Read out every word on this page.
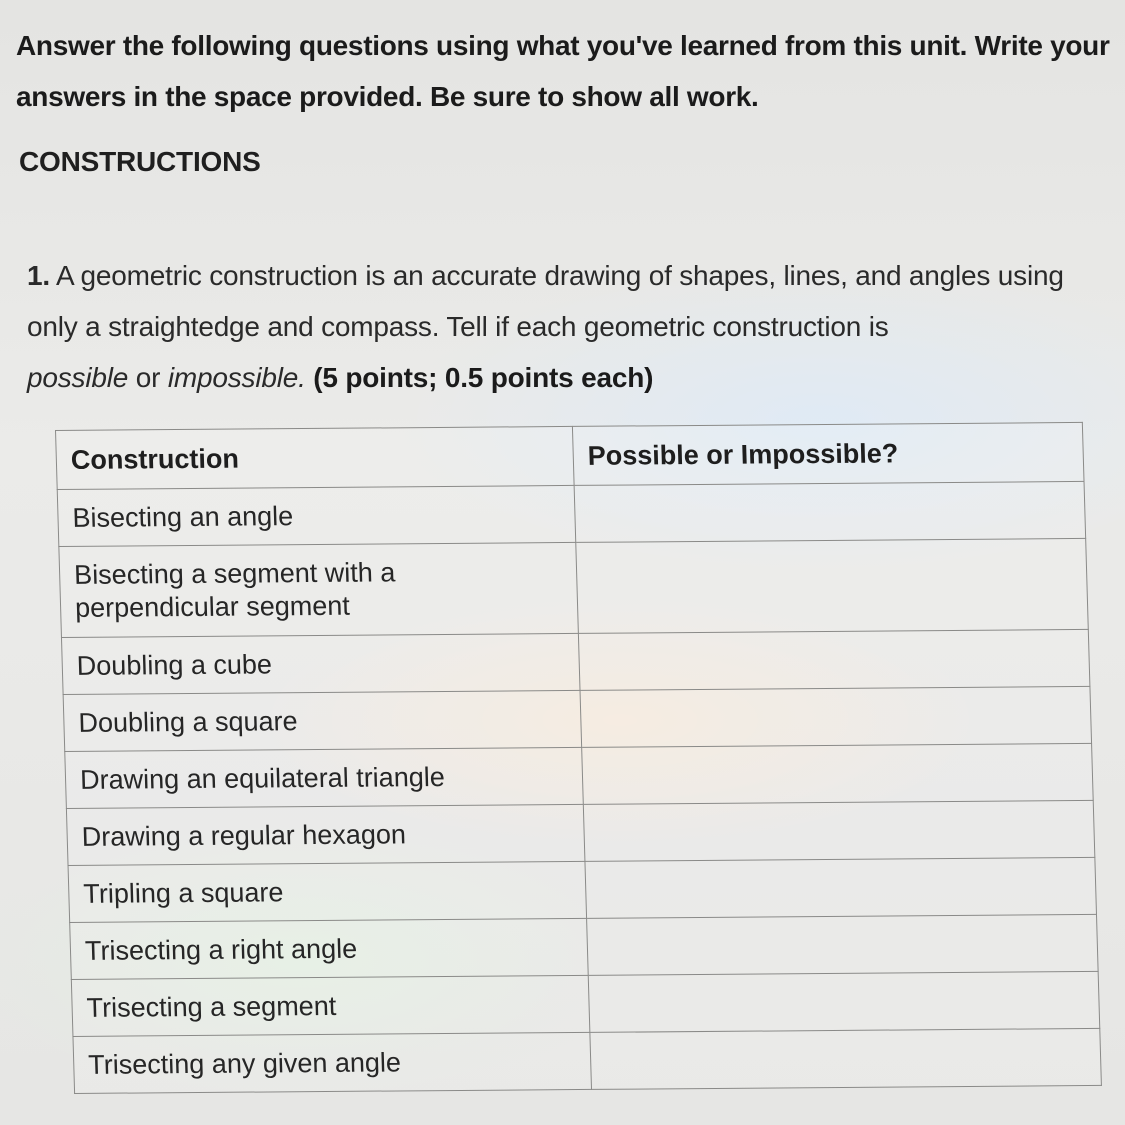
Answer the following questions using what you've learned from this unit. Write your answers in the space provided. Be sure to show all work.
CONSTRUCTIONS
1. A geometric construction is an accurate drawing of shapes, lines, and angles using only a straightedge and compass. Tell if each geometric construction is
possible or impossible. (5 points; 0.5 points each)
Construction	Possible or Impossible?
Bisecting an angle	
Bisecting a segment with a perpendicular segment	
Doubling a cube	
Doubling a square	
Drawing an equilateral triangle	
Drawing a regular hexagon	
Tripling a square	
Trisecting a right angle	
Trisecting a segment	
Trisecting any given angle	
